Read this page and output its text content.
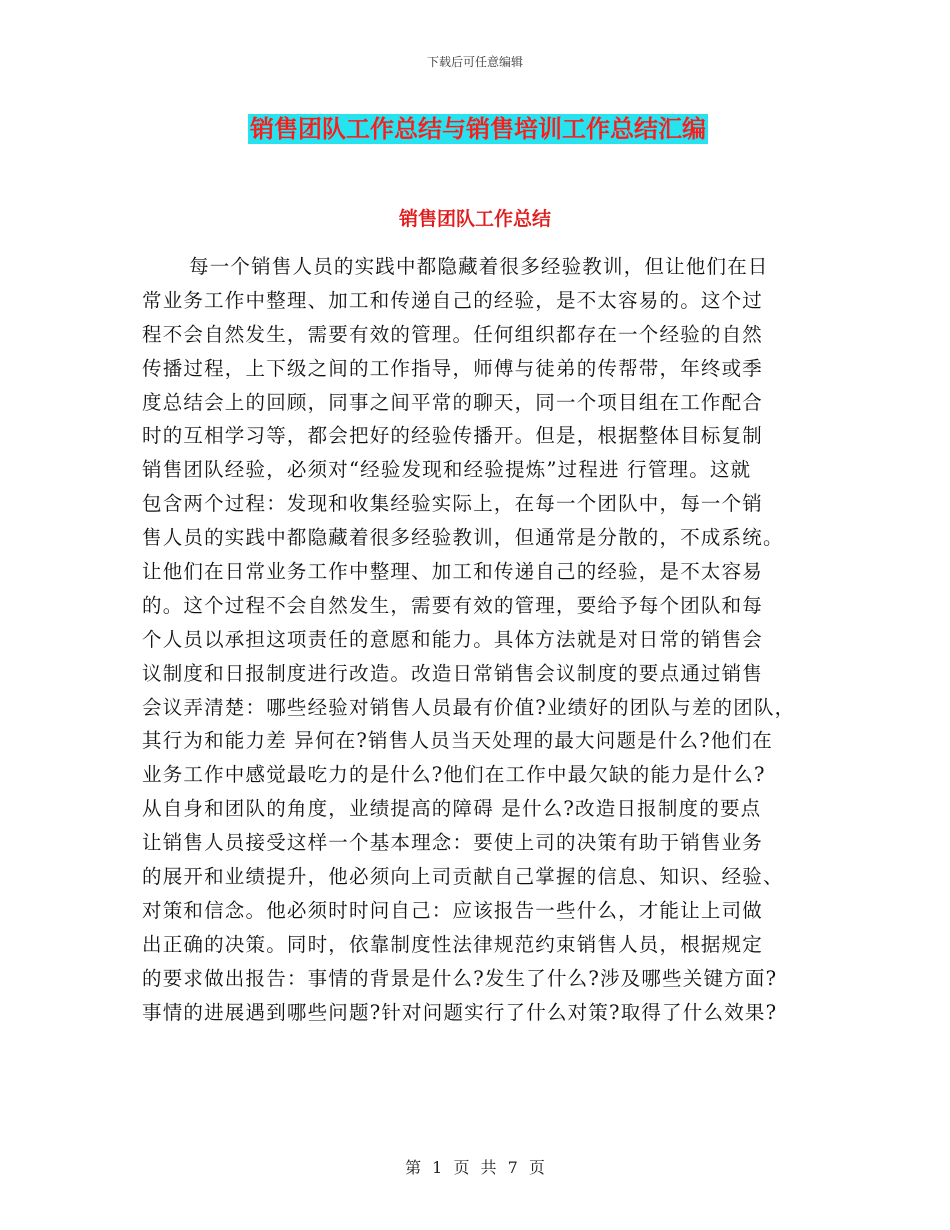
下载后可任意编辑
销售团队工作总结与销售培训工作总结汇编
销售团队工作总结
每一个销售人员的实践中都隐藏着很多经验教训，但让他们在日
常业务工作中整理、加工和传递自己的经验，是不太容易的。这个过
程不会自然发生，需要有效的管理。任何组织都存在一个经验的自然
传播过程，上下级之间的工作指导，师傅与徒弟的传帮带，年终或季
度总结会上的回顾，同事之间平常的聊天，同一个项目组在工作配合
时的互相学习等，都会把好的经验传播开。但是，根据整体目标复制
销售团队经验，必须对“经验发现和经验提炼”过程进 行管理。这就
包含两个过程：发现和收集经验实际上，在每一个团队中，每一个销
售人员的实践中都隐藏着很多经验教训，但通常是分散的，不成系统。
让他们在日常业务工作中整理、加工和传递自己的经验，是不太容易
的。这个过程不会自然发生，需要有效的管理，要给予每个团队和每
个人员以承担这项责任的意愿和能力。具体方法就是对日常的销售会
议制度和日报制度进行改造。改造日常销售会议制度的要点通过销售
会议弄清楚：哪些经验对销售人员最有价值?业绩好的团队与差的团队，
其行为和能力差 异何在?销售人员当天处理的最大问题是什么?他们在
业务工作中感觉最吃力的是什么?他们在工作中最欠缺的能力是什么?
从自身和团队的角度，业绩提高的障碍 是什么?改造日报制度的要点
让销售人员接受这样一个基本理念：要使上司的决策有助于销售业务
的展开和业绩提升，他必须向上司贡献自己掌握的信息、知识、经验、
对策和信念。他必须时时问自己：应该报告一些什么，才能让上司做
出正确的决策。同时，依靠制度性法律规范约束销售人员，根据规定
的要求做出报告：事情的背景是什么?发生了什么?涉及哪些关键方面?
事情的进展遇到哪些问题?针对问题实行了什么对策?取得了什么效果?
第 1 页 共 7 页
